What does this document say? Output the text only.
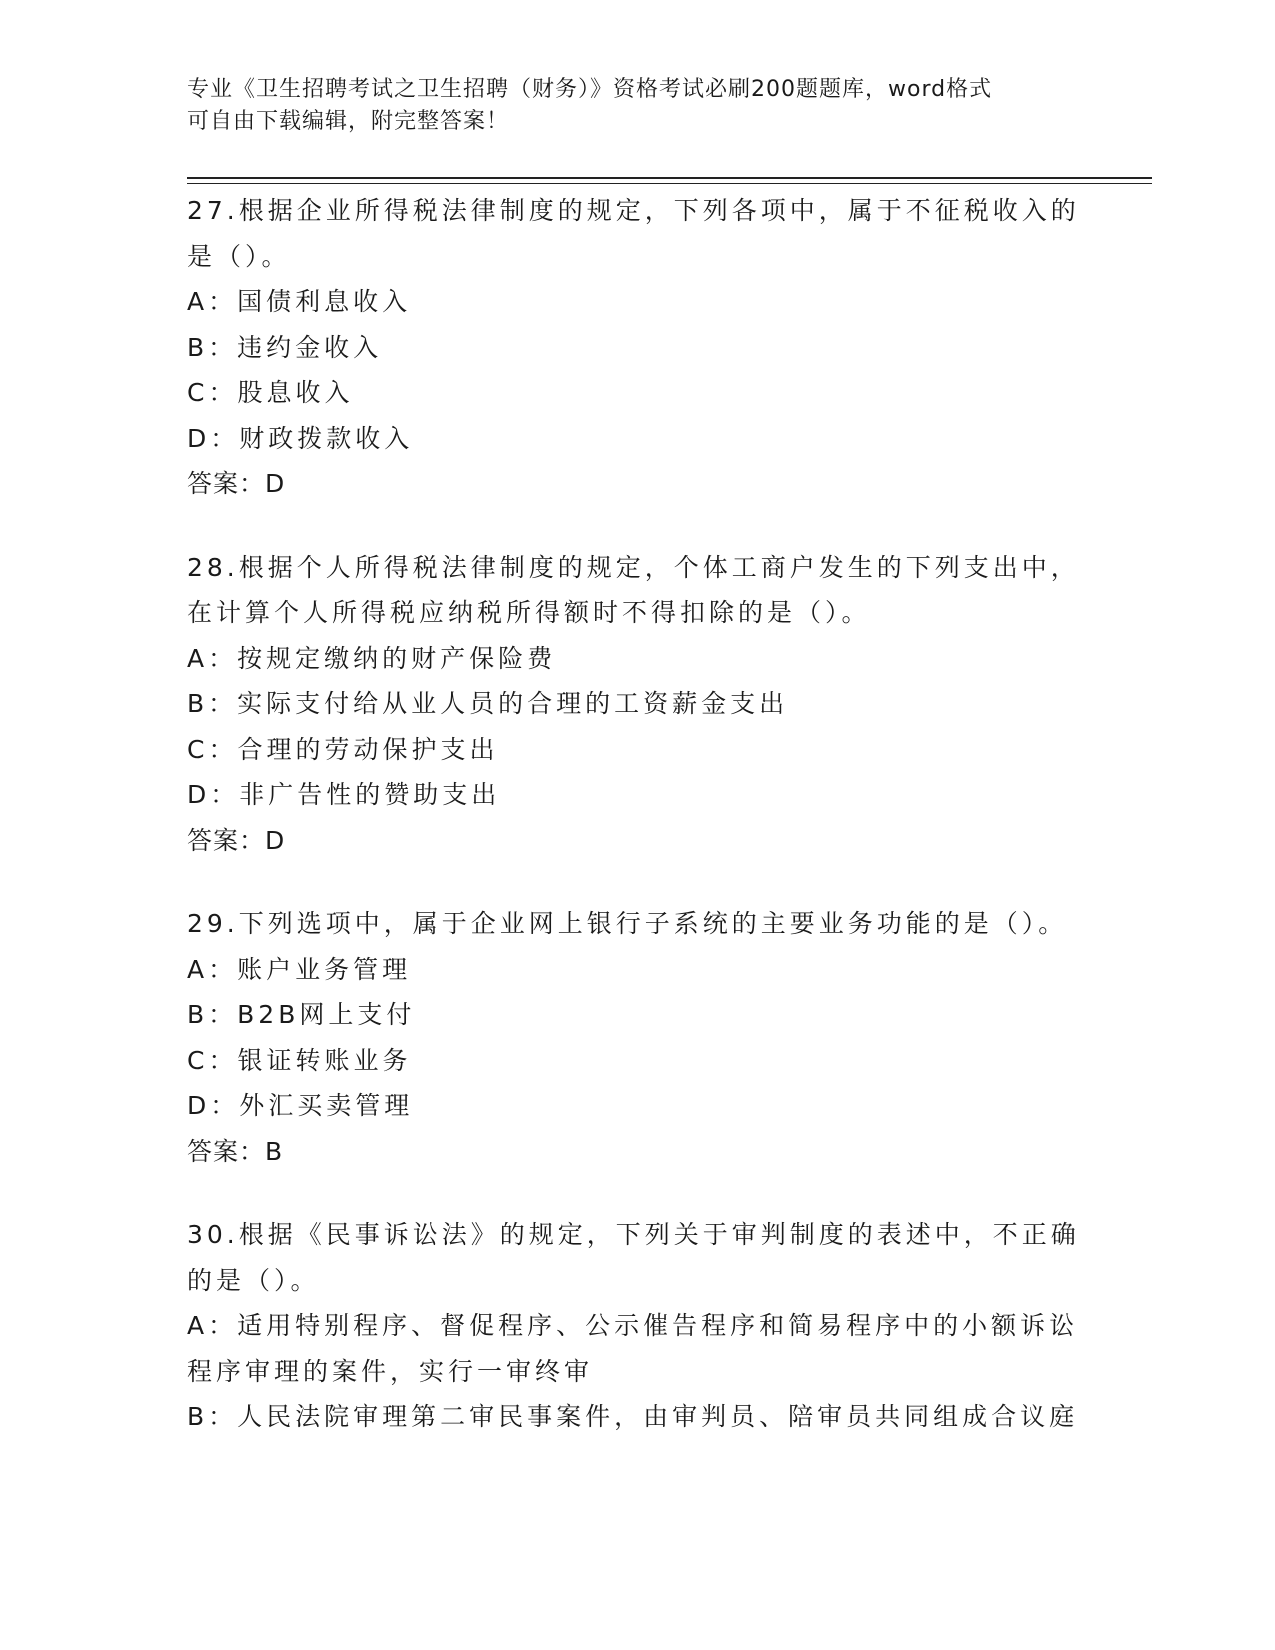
专业《卫生招聘考试之卫生招聘（财务）》资格考试必刷200题题库，word格式
可自由下载编辑，附完整答案！
27.根据企业所得税法律制度的规定，下列各项中，属于不征税收入的
是（）。
A：国债利息收入
B：违约金收入
C：股息收入
D：财政拨款收入
答案：D
28.根据个人所得税法律制度的规定，个体工商户发生的下列支出中，
在计算个人所得税应纳税所得额时不得扣除的是（）。
A：按规定缴纳的财产保险费
B：实际支付给从业人员的合理的工资薪金支出
C：合理的劳动保护支出
D：非广告性的赞助支出
答案：D
29.下列选项中，属于企业网上银行子系统的主要业务功能的是（）。
A：账户业务管理
B：B2B网上支付
C：银证转账业务
D：外汇买卖管理
答案：B
30.根据《民事诉讼法》的规定，下列关于审判制度的表述中，不正确
的是（）。
A：适用特别程序、督促程序、公示催告程序和简易程序中的小额诉讼
程序审理的案件，实行一审终审
B：人民法院审理第二审民事案件，由审判员、陪审员共同组成合议庭
